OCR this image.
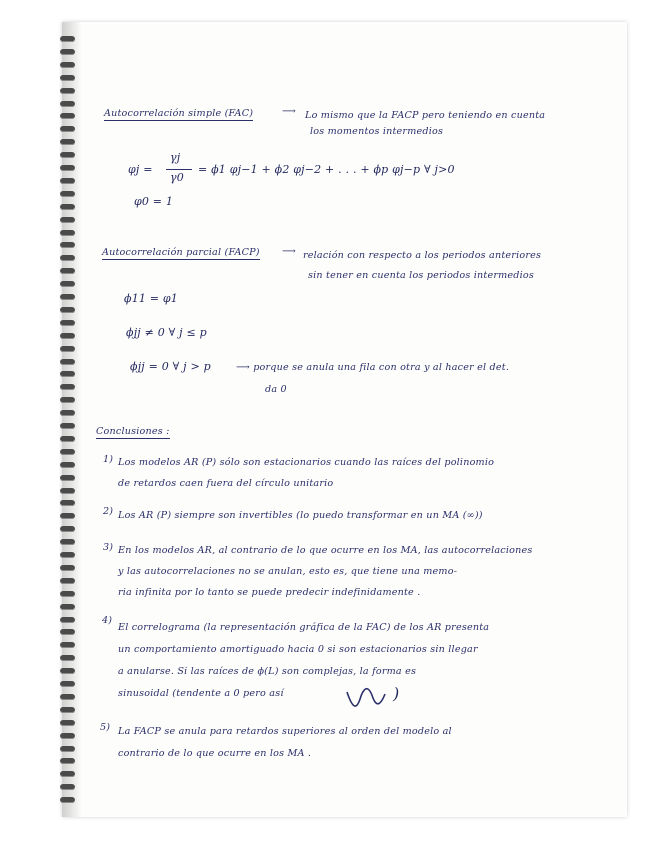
Autocorrelación simple (FAC)	⟶ Lo mismo que la FACP pero teniendo en cuenta
los momentos intermedios
φj =
γj
γ0
= ϕ1 φj−1 + ϕ2 φj−2 + . . . + ϕp φj−p ∀ j>0
φ0 = 1
Autocorrelación parcial (FACP) ⟶ relación con respecto a los periodos anteriores
sin tener en cuenta los periodos intermedios
ϕ11 = φ1
ϕjj ≠ 0 ∀ j ≤ p
ϕjj = 0 ∀ j > p	⟶ porque se anula una fila con otra y al hacer el det.
da 0
Conclusiones :
1) Los modelos AR (P) sólo son estacionarios cuando las raíces del polinomio
de retardos caen fuera del círculo unitario
2) Los AR (P) siempre son invertibles (lo puedo transformar en un MA (∞))
3) En los modelos AR, al contrario de lo que ocurre en los MA, las autocorrelaciones
y las autocorrelaciones no se anulan, esto es, que tiene una memo-
ria infinita por lo tanto se puede predecir indefinidamente .
4)
El correlograma (la representación gráfica de la FAC) de los AR presenta
un comportamiento amortiguado hacia 0 si son estacionarios sin llegar
a anularse. Si las raíces de ϕ(L) son complejas, la forma es
sinusoidal (tendente a 0 pero así	)
5) La FACP se anula para retardos superiores al orden del modelo al
contrario de lo que ocurre en los MA .
